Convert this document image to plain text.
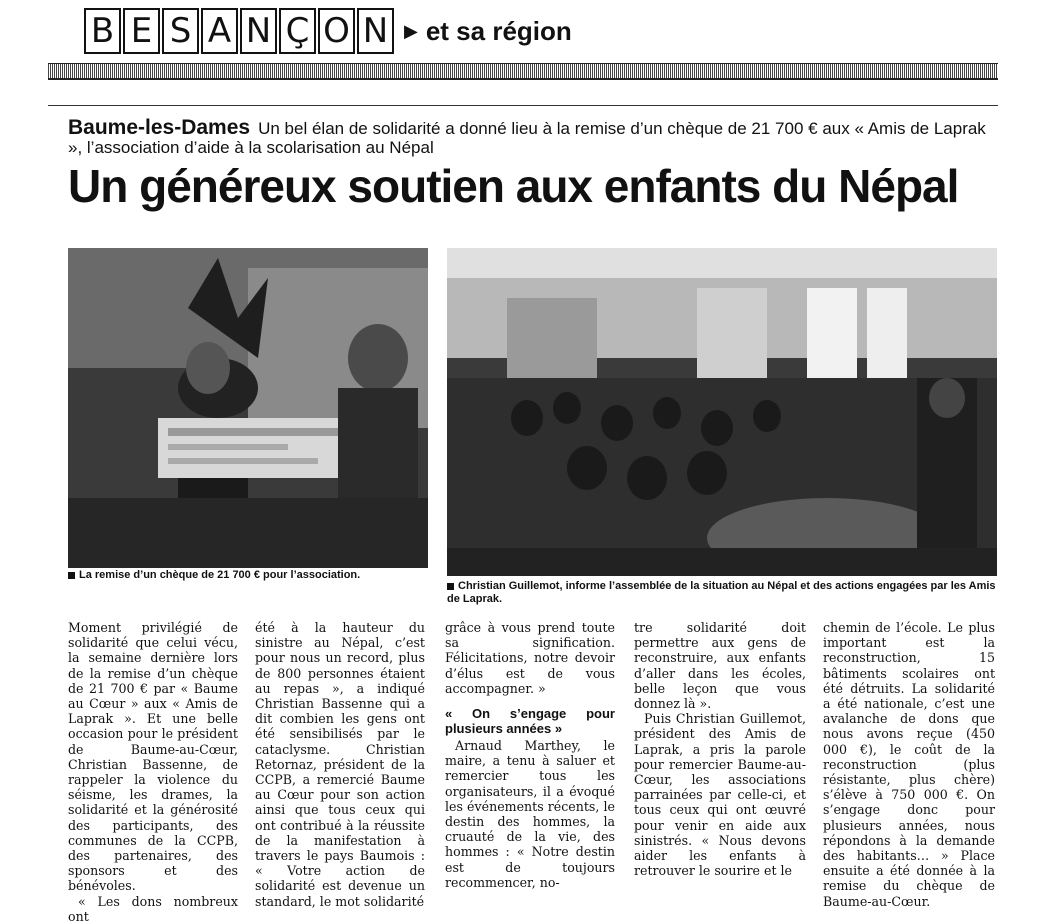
B E S A N Ç O N ▶ et sa région
Baume-les-Dames Un bel élan de solidarité a donné lieu à la remise d’un chèque de 21 700 € aux « Amis de Laprak », l’association d’aide à la scolarisation au Népal
Un généreux soutien aux enfants du Népal
La remise d’un chèque de 21 700 € pour l’association.
Christian Guillemot, informe l’assemblée de la situation au Népal et des actions engagées par les Amis de Laprak.

Moment privilégié de solidarité que celui vécu, la semaine dernière lors de la remise d’un chèque de 21 700 € par « Baume au Cœur » aux « Amis de Laprak ». Et une belle occasion pour le président de Baume-au-Cœur, Christian Bassenne, de rappeler la violence du séisme, les drames, la solidarité et la générosité des participants, des communes de la CCPB, des partenaires, des sponsors et des bénévoles.

« Les dons nombreux ont

été à la hauteur du sinistre au Népal, c’est pour nous un record, plus de 800 personnes étaient au repas », a indiqué Christian Bassenne qui a dit combien les gens ont été sensibilisés par le cataclysme. Christian Retornaz, président de la CCPB, a remercié Baume au Cœur pour son action ainsi que tous ceux qui ont contribué à la réussite de la manifestation à travers le pays Baumois : « Votre action de solidarité est devenue un standard, le mot solidarité

grâce à vous prend toute sa signification. Félicitations, notre devoir d’élus est de vous accompagner. »

« On s’engage pour plusieurs années »

Arnaud Marthey, le maire, a tenu à saluer et remercier tous les organisateurs, il a évoqué les événements récents, le destin des hommes, la cruauté de la vie, des hommes : « Notre destin est de toujours recommencer, no-

tre solidarité doit permettre aux gens de reconstruire, aux enfants d’aller dans les écoles, belle leçon que vous donnez là ».

Puis Christian Guillemot, président des Amis de Laprak, a pris la parole pour remercier Baume-au-Cœur, les associations parrainées par celle-ci, et tous ceux qui ont œuvré pour venir en aide aux sinistrés. « Nous devons aider les enfants à retrouver le sourire et le

chemin de l’école. Le plus important est la reconstruction, 15 bâtiments scolaires ont été détruits. La solidarité a été nationale, c’est une avalanche de dons que nous avons reçue (450 000 €), le coût de la reconstruction (plus résistante, plus chère) s’élève à 750 000 €. On s’engage donc pour plusieurs années, nous répondons à la demande des habitants… » Place ensuite a été donnée à la remise du chèque de Baume-au-Cœur.
